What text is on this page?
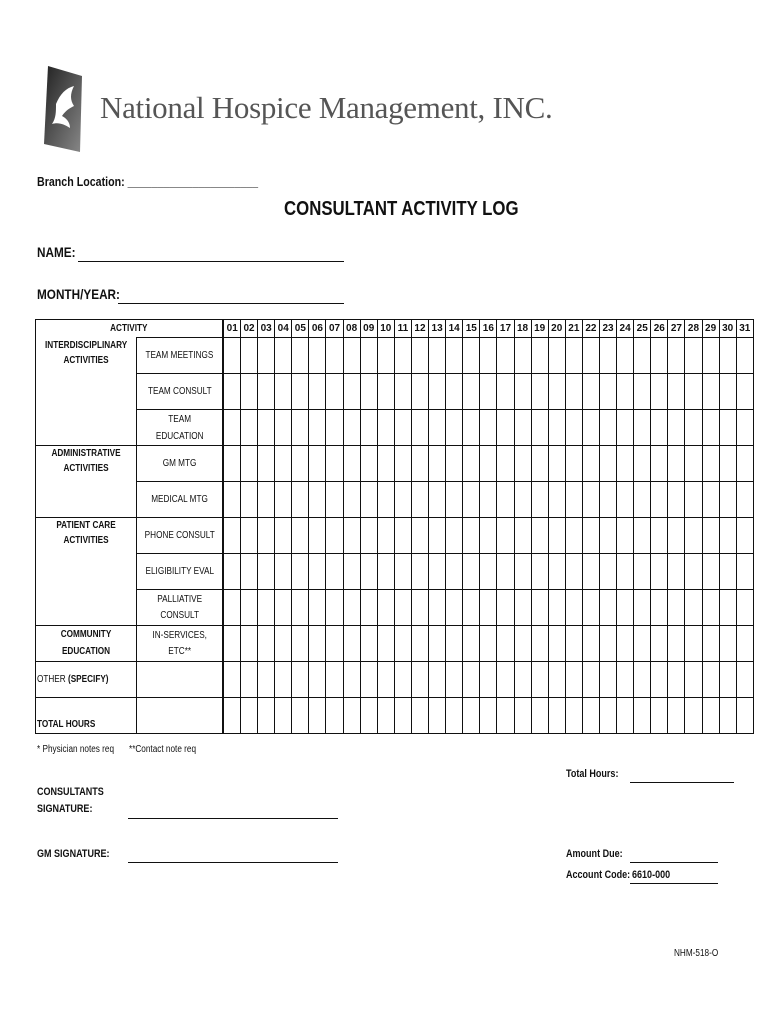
National Hospice Management, INC.
Branch Location: ______________________
CONSULTANT ACTIVITY LOG
NAME:
MONTH/YEAR:
ACTIVITY		01	02	03	04	05	06	07	08	09	10	11	12	13	14	15	16	17	18	19	20	21	22	23	24	25	26	27	28	29	30	31

INTERDISCIPLINARY ACTIVITIES	TEAM MEETINGS																															
	TEAM CONSULT																															
	TEAM EDUCATION																															

ADMINISTRATIVE ACTIVITIES	GM MTG																															
	MEDICAL MTG																															

PATIENT CARE ACTIVITIES	PHONE CONSULT																															
	ELIGIBILITY EVAL																															
	PALLIATIVE CONSULT																															

COMMUNITY EDUCATION	IN-SERVICES, ETC**																															
OTHER (SPECIFY)																																
TOTAL HOURS																																
* Physician notes req **Contact note req
Total Hours:
CONSULTANTS
SIGNATURE:
GM SIGNATURE:	Amount Due:
Account Code: 6610-000
NHM-518-O
